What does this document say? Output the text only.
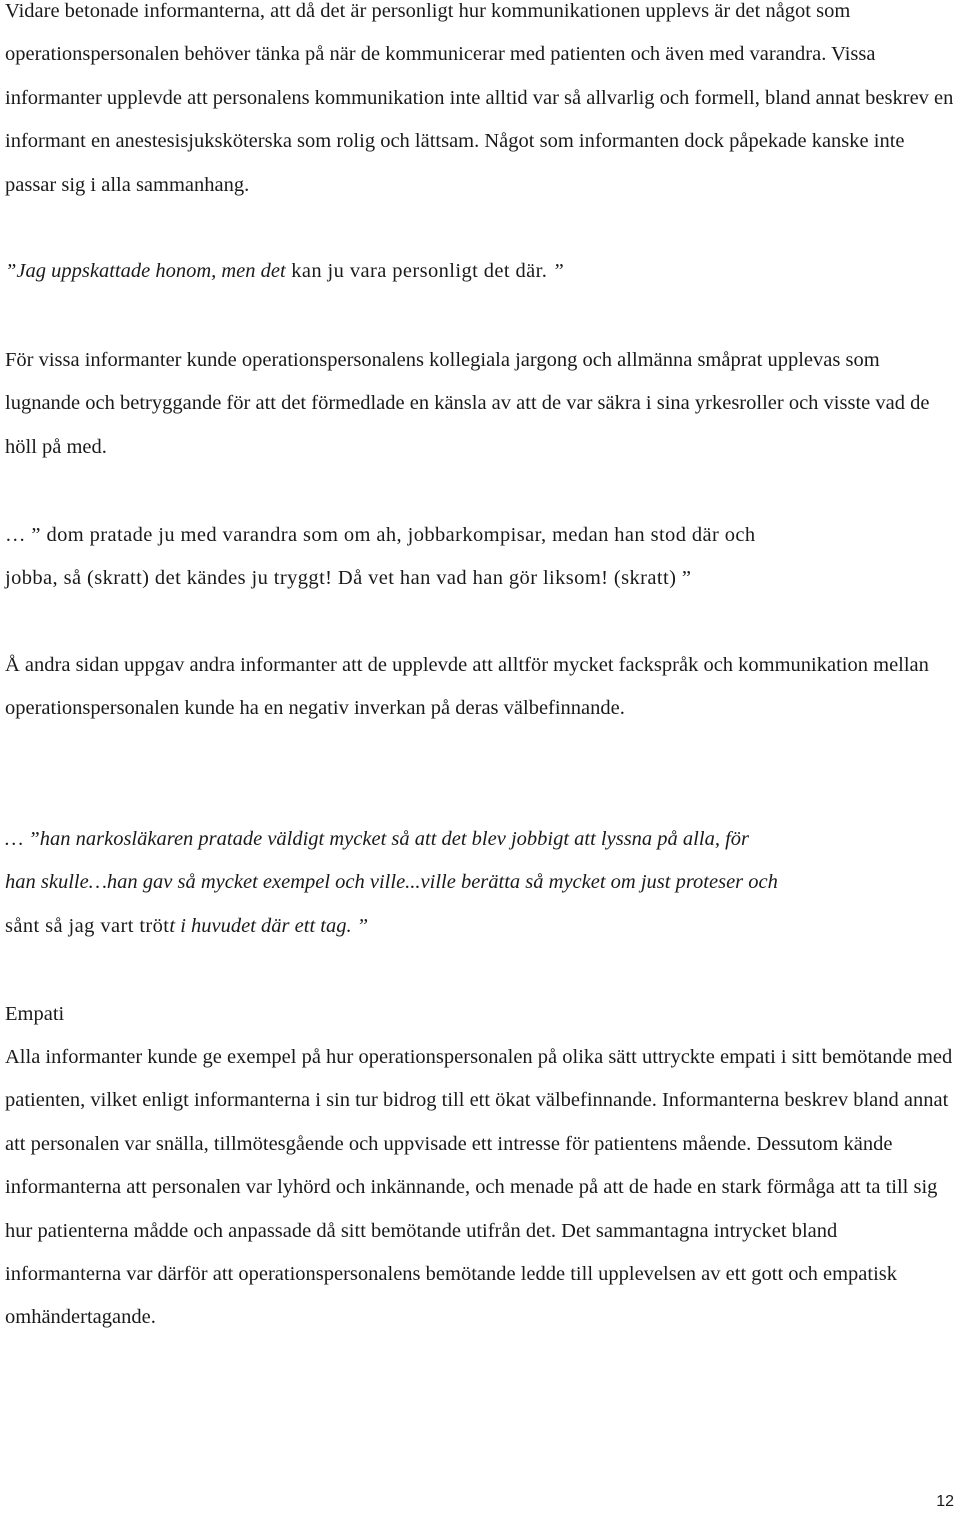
Vidare betonade informanterna, att då det är personligt hur kommunikationen upplevs är det något som operationspersonalen behöver tänka på när de kommunicerar med patienten och även med varandra. Vissa informanter upplevde att personalens kommunikation inte alltid var så allvarlig och formell, bland annat beskrev en informant en anestesisjuksköterska som rolig och lättsam. Något som informanten dock påpekade kanske inte passar sig i alla sammanhang.

”Jag uppskattade honom, men det kan ju vara personligt det där. ”

För vissa informanter kunde operationspersonalens kollegiala jargong och allmänna småprat upplevas som lugnande och betryggande för att det förmedlade en känsla av att de var säkra i sina yrkesroller och visste vad de höll på med.

… ” dom pratade ju med varandra som om ah, jobbarkompisar, medan han stod där och

jobba, så (skratt) det kändes ju tryggt! Då vet han vad han gör liksom! (skratt) ”

Å andra sidan uppgav andra informanter att de upplevde att alltför mycket fackspråk och kommunikation mellan operationspersonalen kunde ha en negativ inverkan på deras välbefinnande.

… ”han narkosläkaren pratade väldigt mycket så att det blev jobbigt att lyssna på alla, för

han skulle…han gav så mycket exempel och ville...ville berätta så mycket om just proteser och

sånt så jag vart trött i huvudet där ett tag. ”

Empati

Alla informanter kunde ge exempel på hur operationspersonalen på olika sätt uttryckte empati i sitt bemötande med patienten, vilket enligt informanterna i sin tur bidrog till ett ökat välbefinnande. Informanterna beskrev bland annat att personalen var snälla, tillmötesgående och uppvisade ett intresse för patientens mående. Dessutom kände informanterna att personalen var lyhörd och inkännande, och menade på att de hade en stark förmåga att ta till sig hur patienterna mådde och anpassade då sitt bemötande utifrån det. Det sammantagna intrycket bland informanterna var därför att operationspersonalens bemötande ledde till upplevelsen av ett gott och empatisk omhändertagande.

12
